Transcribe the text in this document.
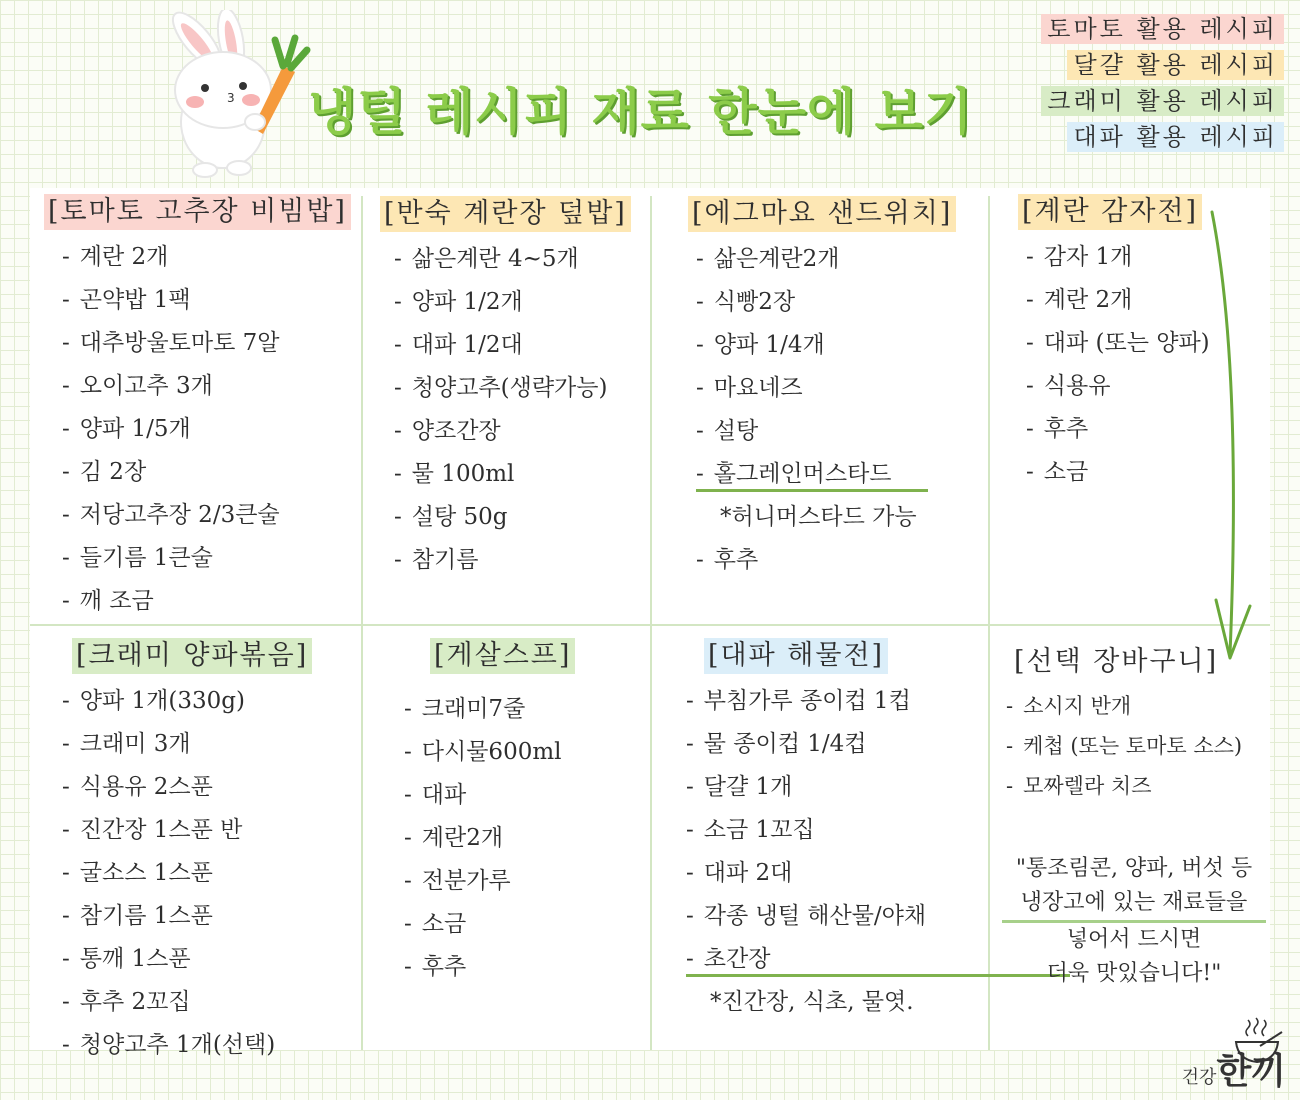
3 냉털 레시피 재료 한눈에 보기
토마토 활용 레시피
달걀 활용 레시피
크래미 활용 레시피
대파 활용 레시피
[토마토 고추장 비빔밥]
- 계란 2개
- 곤약밥 1팩
- 대추방울토마토 7알
- 오이고추 3개
- 양파 1/5개
- 김 2장
- 저당고추장 2/3큰술
- 들기름 1큰술
- 깨 조금
[반숙 계란장 덮밥]
- 삶은계란 4~5개
- 양파 1/2개
- 대파 1/2대
- 청양고추(생략가능)
- 양조간장
- 물 100ml
- 설탕 50g
- 참기름
[에그마요 샌드위치]
- 삶은계란2개
- 식빵2장
- 양파 1/4개
- 마요네즈
- 설탕
- 홀그레인머스타드
*허니머스타드 가능
- 후추
[계란 감자전]
- 감자 1개
- 계란 2개
- 대파 (또는 양파)
- 식용유
- 후추
- 소금
[크래미 양파볶음]
- 양파 1개(330g)
- 크래미 3개
- 식용유 2스푼
- 진간장 1스푼 반
- 굴소스 1스푼
- 참기름 1스푼
- 통깨 1스푼
- 후추 2꼬집
- 청양고추 1개(선택)
[게살스프]
- 크래미7줄
- 다시물600ml
- 대파
- 계란2개
- 전분가루
- 소금
- 후추
[대파 해물전]
- 부침가루 종이컵 1컵
- 물 종이컵 1/4컵
- 달걀 1개
- 소금 1꼬집
- 대파 2대
- 각종 냉털 해산물/야채
- 초간장
*진간장, 식초, 물엿.
[선택 장바구니]
- 소시지 반개
- 케첩 (또는 토마토 소스)
- 모짜렐라 치즈
"통조림콘, 양파, 버섯 등
냉장고에 있는 재료들을
넣어서 드시면
더욱 맛있습니다!"
건강한끼
